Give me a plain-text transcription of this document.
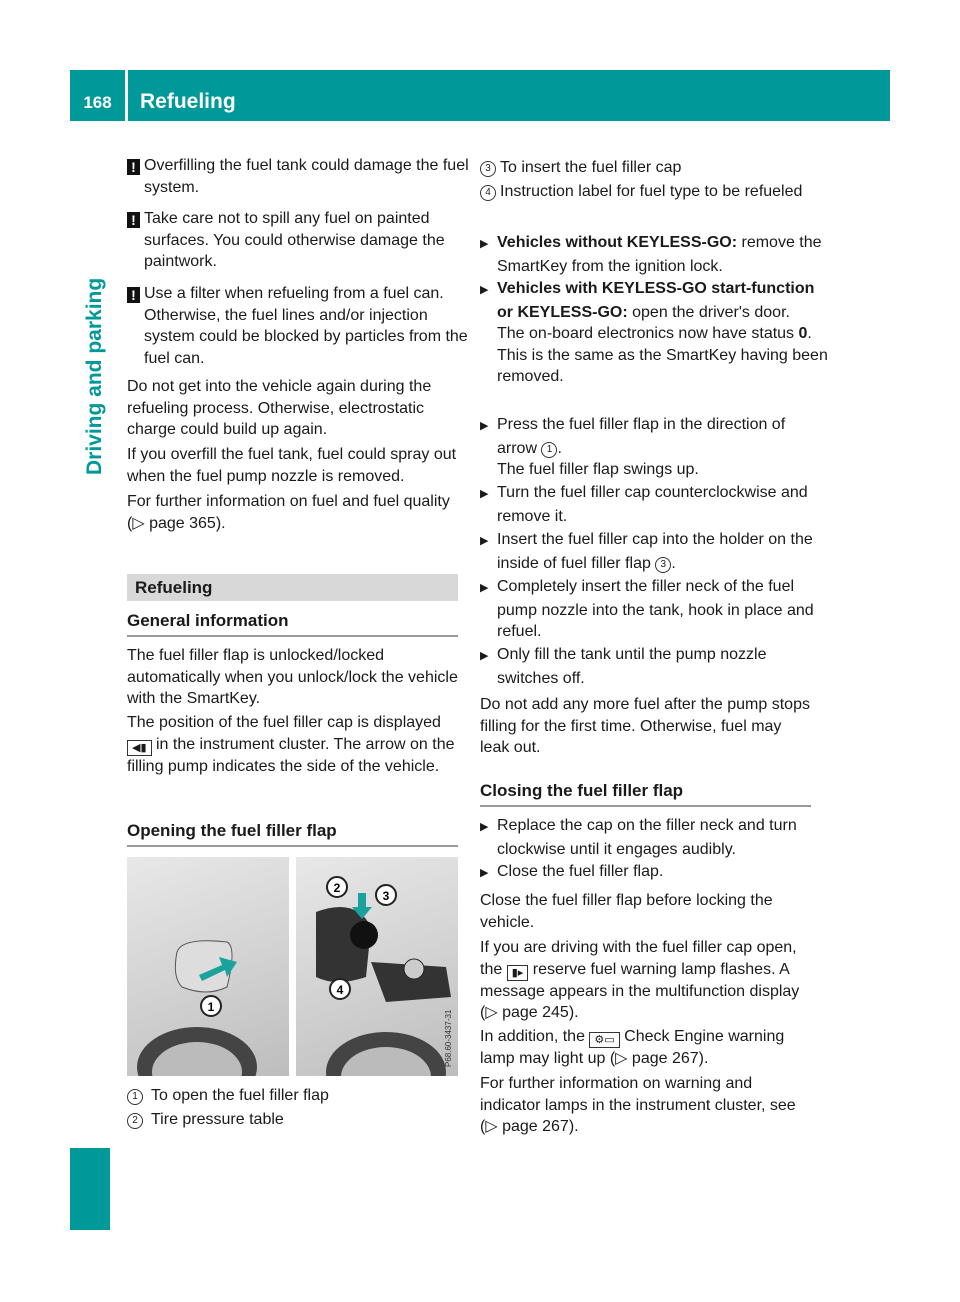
168	Refueling
Driving and parking
! Overfilling the fuel tank could damage the fuel system.
! Take care not to spill any fuel on painted surfaces. You could otherwise damage the paintwork.
! Use a filter when refueling from a fuel can. Otherwise, the fuel lines and/or injection system could be blocked by particles from the fuel can.
Do not get into the vehicle again during the refueling process. Otherwise, electrostatic charge could build up again.
If you overfill the fuel tank, fuel could spray out when the fuel pump nozzle is removed.
For further information on fuel and fuel quality (▷ page 365).
Refueling
General information
The fuel filler flap is unlocked/locked automatically when you unlock/lock the vehicle with the SmartKey.
The position of the fuel filler cap is displayed ◀▮ in the instrument cluster. The arrow on the filling pump indicates the side of the vehicle.
Opening the fuel filler flap
1
2
3
4
P68.60-3437-31
1 To open the fuel filler flap
2 Tire pressure table
3 To insert the fuel filler cap
4 Instruction label for fuel type to be refueled
▶ Vehicles without KEYLESS-GO: remove the SmartKey from the ignition lock.
▶ Vehicles with KEYLESS-GO start-function or KEYLESS-GO: open the driver's door.
The on-board electronics now have status 0. This is the same as the SmartKey having been removed.
▶ Press the fuel filler flap in the direction of arrow 1 .
The fuel filler flap swings up.
▶ Turn the fuel filler cap counterclockwise and remove it.
▶ Insert the fuel filler cap into the holder on the inside of fuel filler flap 3 .
▶ Completely insert the filler neck of the fuel pump nozzle into the tank, hook in place and refuel.
▶ Only fill the tank until the pump nozzle switches off.
Do not add any more fuel after the pump stops filling for the first time. Otherwise, fuel may leak out.
Closing the fuel filler flap
▶ Replace the cap on the filler neck and turn clockwise until it engages audibly.
▶ Close the fuel filler flap.
Close the fuel filler flap before locking the vehicle.
If you are driving with the fuel filler cap open, the ▮▸ reserve fuel warning lamp flashes. A message appears in the multifunction display (▷ page 245).
In addition, the ⚙▭ Check Engine warning lamp may light up (▷ page 267).
For further information on warning and indicator lamps in the instrument cluster, see (▷ page 267).
